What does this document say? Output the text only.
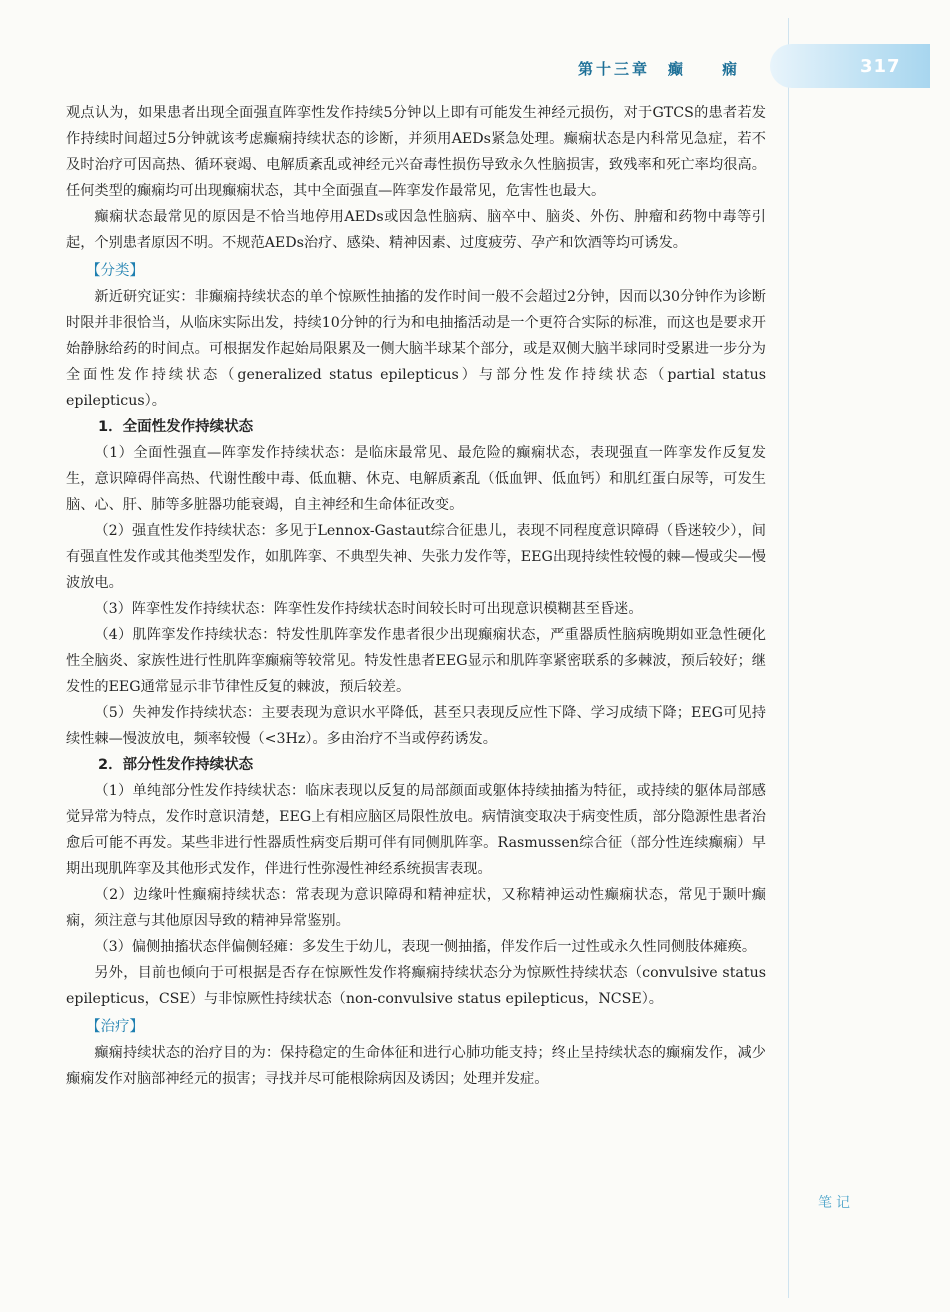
317
第十三章　癫　　痫

观点认为，如果患者出现全面强直阵挛性发作持续5分钟以上即有可能发生神经元损伤，对于GTCS的患者若发作持续时间超过5分钟就该考虑癫痫持续状态的诊断，并须用AEDs紧急处理。癫痫状态是内科常见急症，若不及时治疗可因高热、循环衰竭、电解质紊乱或神经元兴奋毒性损伤导致永久性脑损害，致残率和死亡率均很高。任何类型的癫痫均可出现癫痫状态，其中全面强直—阵挛发作最常见，危害性也最大。

癫痫状态最常见的原因是不恰当地停用AEDs或因急性脑病、脑卒中、脑炎、外伤、肿瘤和药物中毒等引起，个别患者原因不明。不规范AEDs治疗、感染、精神因素、过度疲劳、孕产和饮酒等均可诱发。

【分类】

新近研究证实：非癫痫持续状态的单个惊厥性抽搐的发作时间一般不会超过2分钟，因而以30分钟作为诊断时限并非很恰当，从临床实际出发，持续10分钟的行为和电抽搐活动是一个更符合实际的标准，而这也是要求开始静脉给药的时间点。可根据发作起始局限累及一侧大脑半球某个部分，或是双侧大脑半球同时受累进一步分为全面性发作持续状态（generalized status epilepticus）与部分性发作持续状态（partial status epilepticus）。

1．全面性发作持续状态

（1）全面性强直—阵挛发作持续状态：是临床最常见、最危险的癫痫状态，表现强直一阵挛发作反复发生，意识障碍伴高热、代谢性酸中毒、低血糖、休克、电解质紊乱（低血钾、低血钙）和肌红蛋白尿等，可发生脑、心、肝、肺等多脏器功能衰竭，自主神经和生命体征改变。

（2）强直性发作持续状态：多见于Lennox-Gastaut综合征患儿，表现不同程度意识障碍（昏迷较少），间有强直性发作或其他类型发作，如肌阵挛、不典型失神、失张力发作等，EEG出现持续性较慢的棘—慢或尖—慢波放电。

（3）阵挛性发作持续状态：阵挛性发作持续状态时间较长时可出现意识模糊甚至昏迷。

（4）肌阵挛发作持续状态：特发性肌阵挛发作患者很少出现癫痫状态，严重器质性脑病晚期如亚急性硬化性全脑炎、家族性进行性肌阵挛癫痫等较常见。特发性患者EEG显示和肌阵挛紧密联系的多棘波，预后较好；继发性的EEG通常显示非节律性反复的棘波，预后较差。

（5）失神发作持续状态：主要表现为意识水平降低，甚至只表现反应性下降、学习成绩下降；EEG可见持续性棘—慢波放电，频率较慢（<3Hz）。多由治疗不当或停药诱发。

2．部分性发作持续状态

（1）单纯部分性发作持续状态：临床表现以反复的局部颜面或躯体持续抽搐为特征，或持续的躯体局部感觉异常为特点，发作时意识清楚，EEG上有相应脑区局限性放电。病情演变取决于病变性质，部分隐源性患者治愈后可能不再发。某些非进行性器质性病变后期可伴有同侧肌阵挛。Rasmussen综合征（部分性连续癫痫）早期出现肌阵挛及其他形式发作，伴进行性弥漫性神经系统损害表现。

（2）边缘叶性癫痫持续状态：常表现为意识障碍和精神症状，又称精神运动性癫痫状态，常见于颞叶癫痫，须注意与其他原因导致的精神异常鉴别。

（3）偏侧抽搐状态伴偏侧轻瘫：多发生于幼儿，表现一侧抽搐，伴发作后一过性或永久性同侧肢体瘫痪。

另外，目前也倾向于可根据是否存在惊厥性发作将癫痫持续状态分为惊厥性持续状态（convulsive status epilepticus，CSE）与非惊厥性持续状态（non-convulsive status epilepticus，NCSE）。

【治疗】

癫痫持续状态的治疗目的为：保持稳定的生命体征和进行心肺功能支持；终止呈持续状态的癫痫发作，减少癫痫发作对脑部神经元的损害；寻找并尽可能根除病因及诱因；处理并发症。

笔记
